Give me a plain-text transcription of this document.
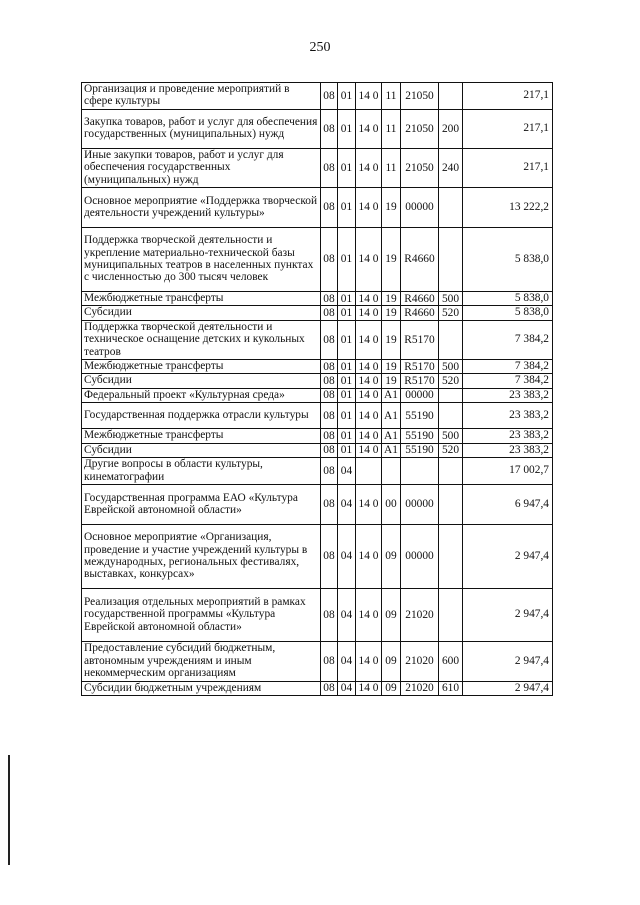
250
Организация и проведение мероприятий в сфере культуры	08	01	14 0	11	21050		217,1
Закупка товаров, работ и услуг для обеспечения государственных (муниципальных) нужд	08	01	14 0	11	21050	200	217,1
Иные закупки товаров, работ и услуг для обеспечения государственных (муниципальных) нужд	08	01	14 0	11	21050	240	217,1
Основное мероприятие «Поддержка творческой деятельности учреждений культуры»	08	01	14 0	19	00000		13 222,2
Поддержка творческой деятельности и укрепление материально-технической базы муниципальных театров в населенных пунктах с численностью до 300 тысяч человек	08	01	14 0	19	R4660		5 838,0
Межбюджетные трансферты	08	01	14 0	19	R4660	500	5 838,0
Субсидии	08	01	14 0	19	R4660	520	5 838,0
Поддержка творческой деятельности и техническое оснащение детских и кукольных театров	08	01	14 0	19	R5170		7 384,2
Межбюджетные трансферты	08	01	14 0	19	R5170	500	7 384,2
Субсидии	08	01	14 0	19	R5170	520	7 384,2
Федеральный проект «Культурная среда»	08	01	14 0	A1	00000		23 383,2
Государственная поддержка отрасли культуры	08	01	14 0	A1	55190		23 383,2
Межбюджетные трансферты	08	01	14 0	A1	55190	500	23 383,2
Субсидии	08	01	14 0	A1	55190	520	23 383,2
Другие вопросы в области культуры, кинематографии	08	04					17 002,7
Государственная программа ЕАО «Культура Еврейской автономной области»	08	04	14 0	00	00000		6 947,4
Основное мероприятие «Организация, проведение и участие учреждений культуры в международных, региональных фестивалях, выставках, конкурсах»	08	04	14 0	09	00000		2 947,4
Реализация отдельных мероприятий в рамках государственной программы «Культура Еврейской автономной области»	08	04	14 0	09	21020		2 947,4
Предоставление субсидий бюджетным, автономным учреждениям и иным некоммерческим организациям	08	04	14 0	09	21020	600	2 947,4
Субсидии бюджетным учреждениям	08	04	14 0	09	21020	610	2 947,4
